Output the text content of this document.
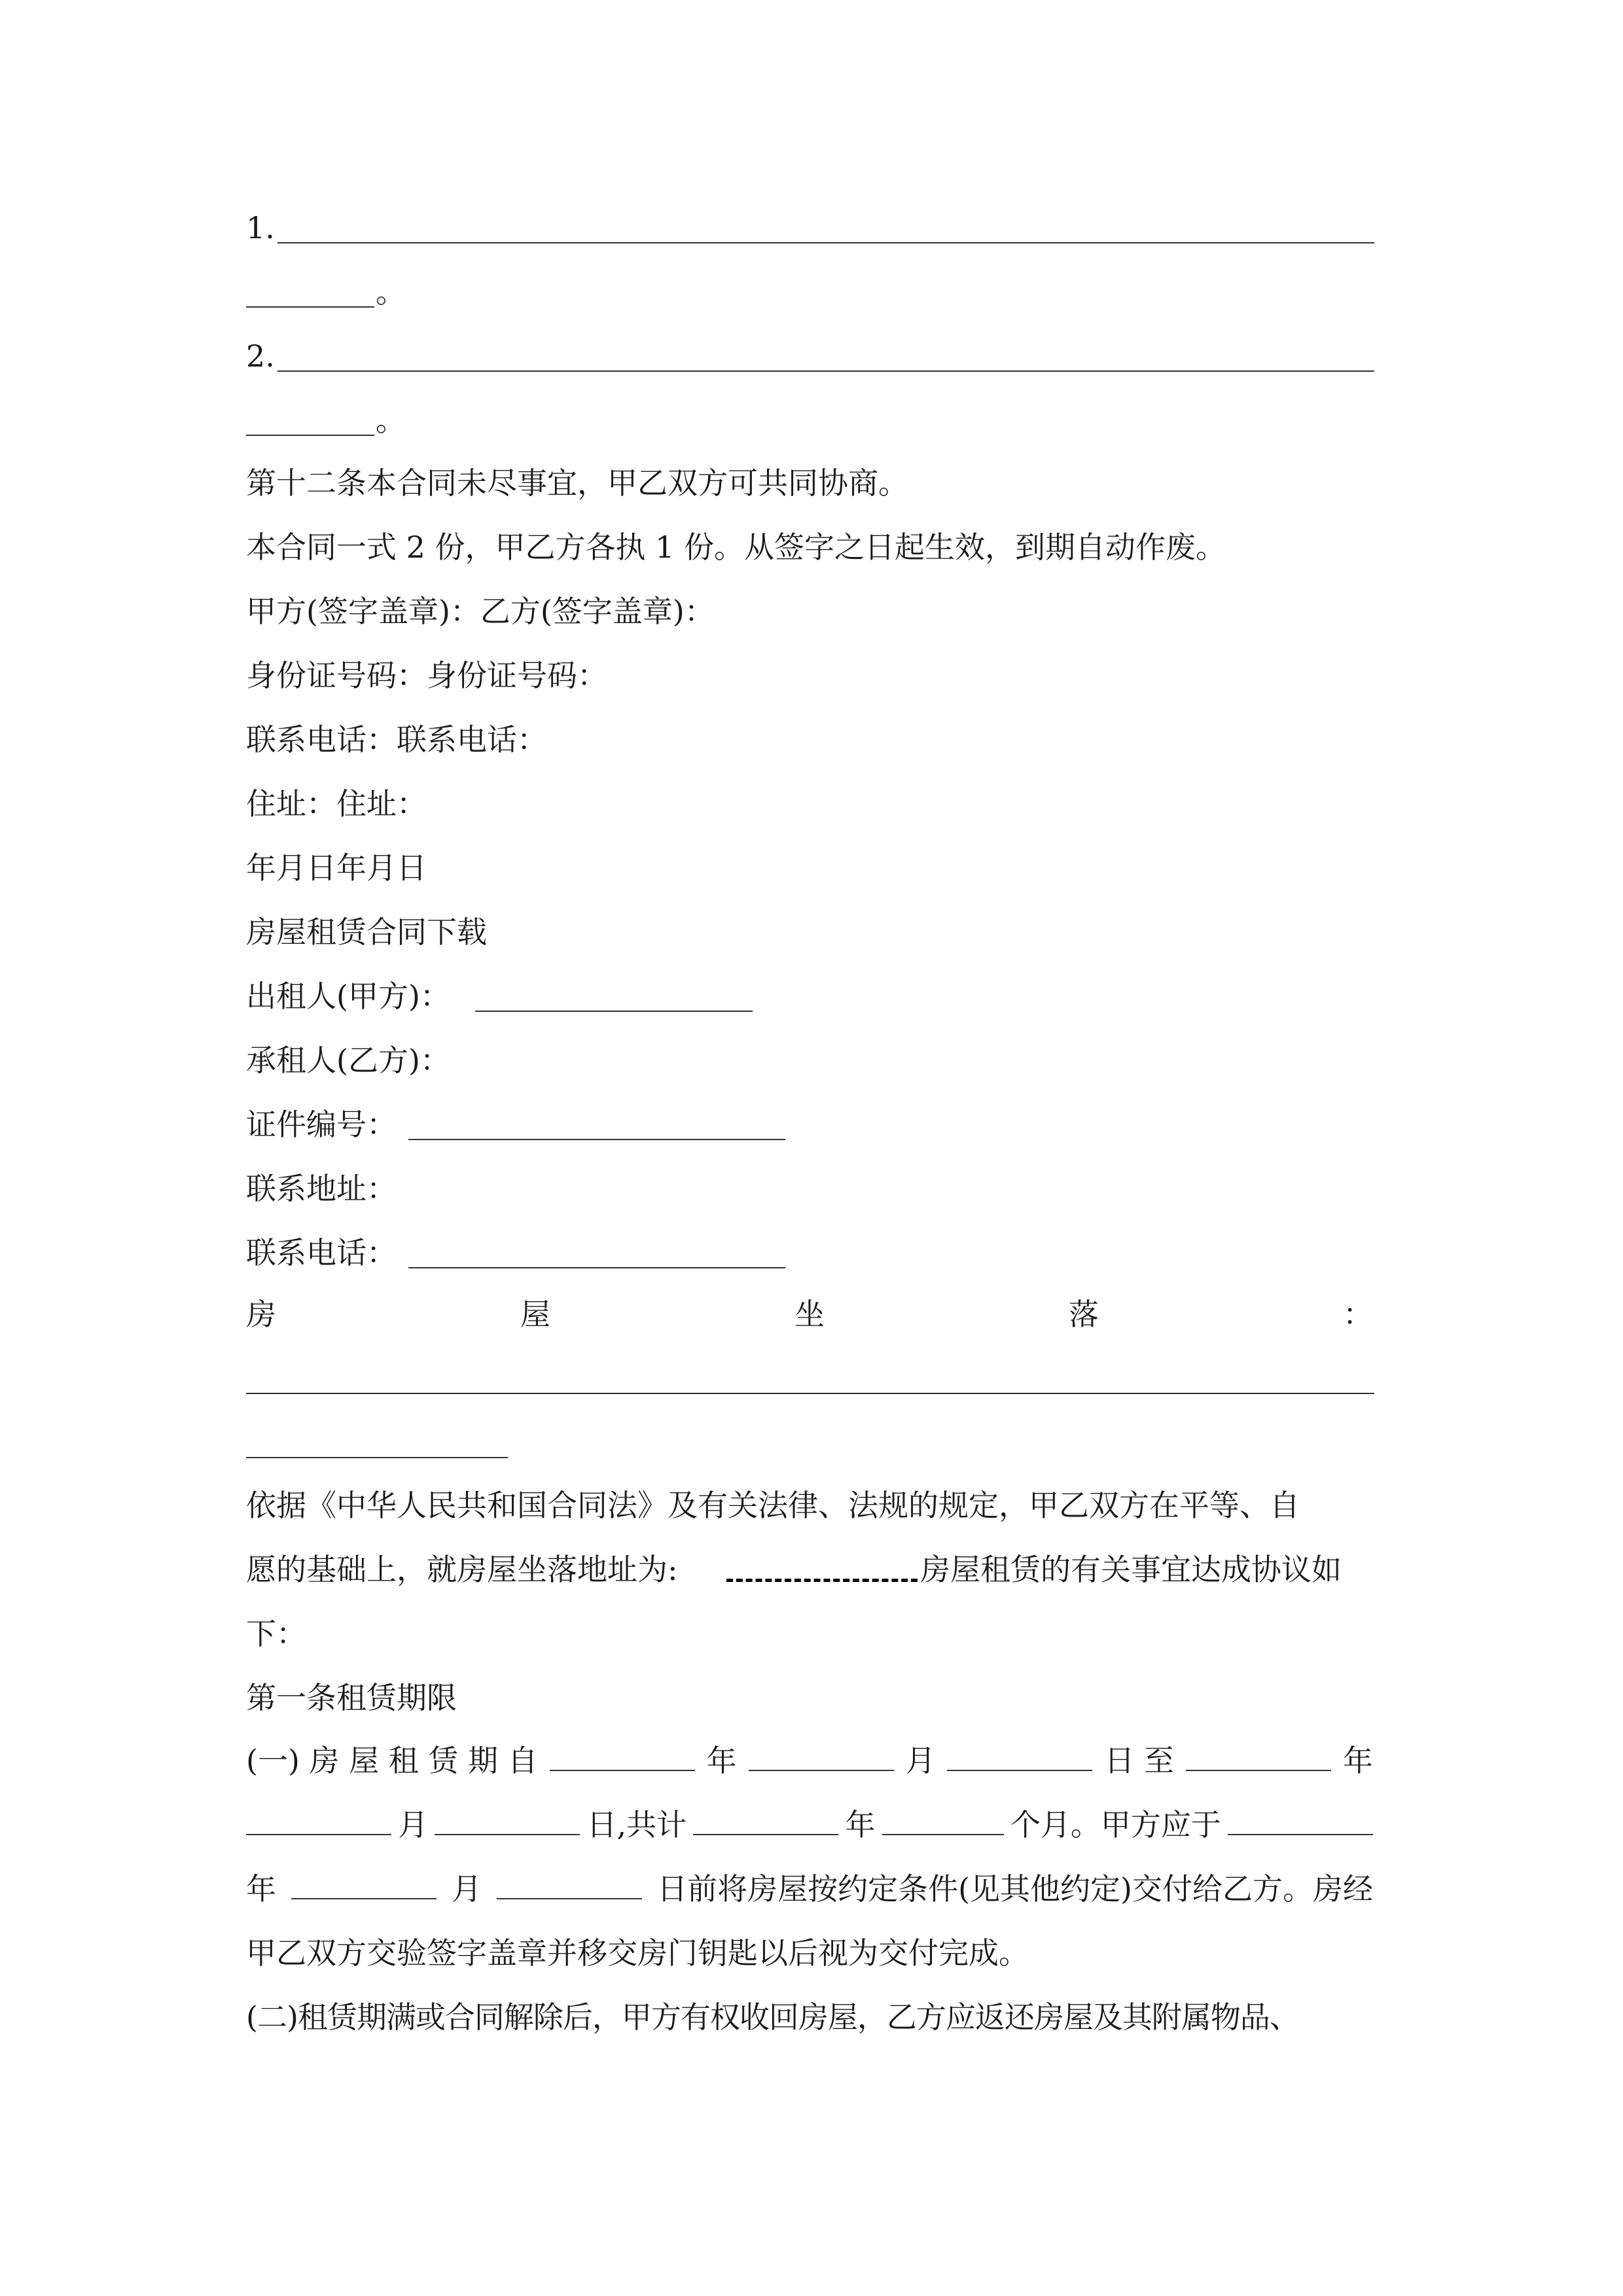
1.
。
2.
。
第十二条本合同未尽事宜，甲乙双方可共同协商。
本合同一式 2 份，甲乙方各执 1 份。从签字之日起生效，到期自动作废。
甲方(签字盖章)：乙方(签字盖章)：
身份证号码：身份证号码：
联系电话：联系电话：
住址：住址：
年月日年月日
房屋租赁合同下载
出租人(甲方)：
承租人(乙方)：
证件编号：
联系地址：
联系电话：
房	屋	坐	落	：
依据《中华人民共和国合同法》及有关法律、法规的规定，甲乙双方在平等、自
愿的基础上，就房屋坐落地址为:	房屋租赁的有关事宜达成协议如
下：
第一条租赁期限
(一) 房 屋 租 赁 期 自	年	月	日 至	年
月	日,共计	年	个月。甲方应于
年	月	日前将房屋按约定条件(见其他约定)交付给乙方。房经
甲乙双方交验签字盖章并移交房门钥匙以后视为交付完成。
(二)租赁期满或合同解除后，甲方有权收回房屋，乙方应返还房屋及其附属物品、
